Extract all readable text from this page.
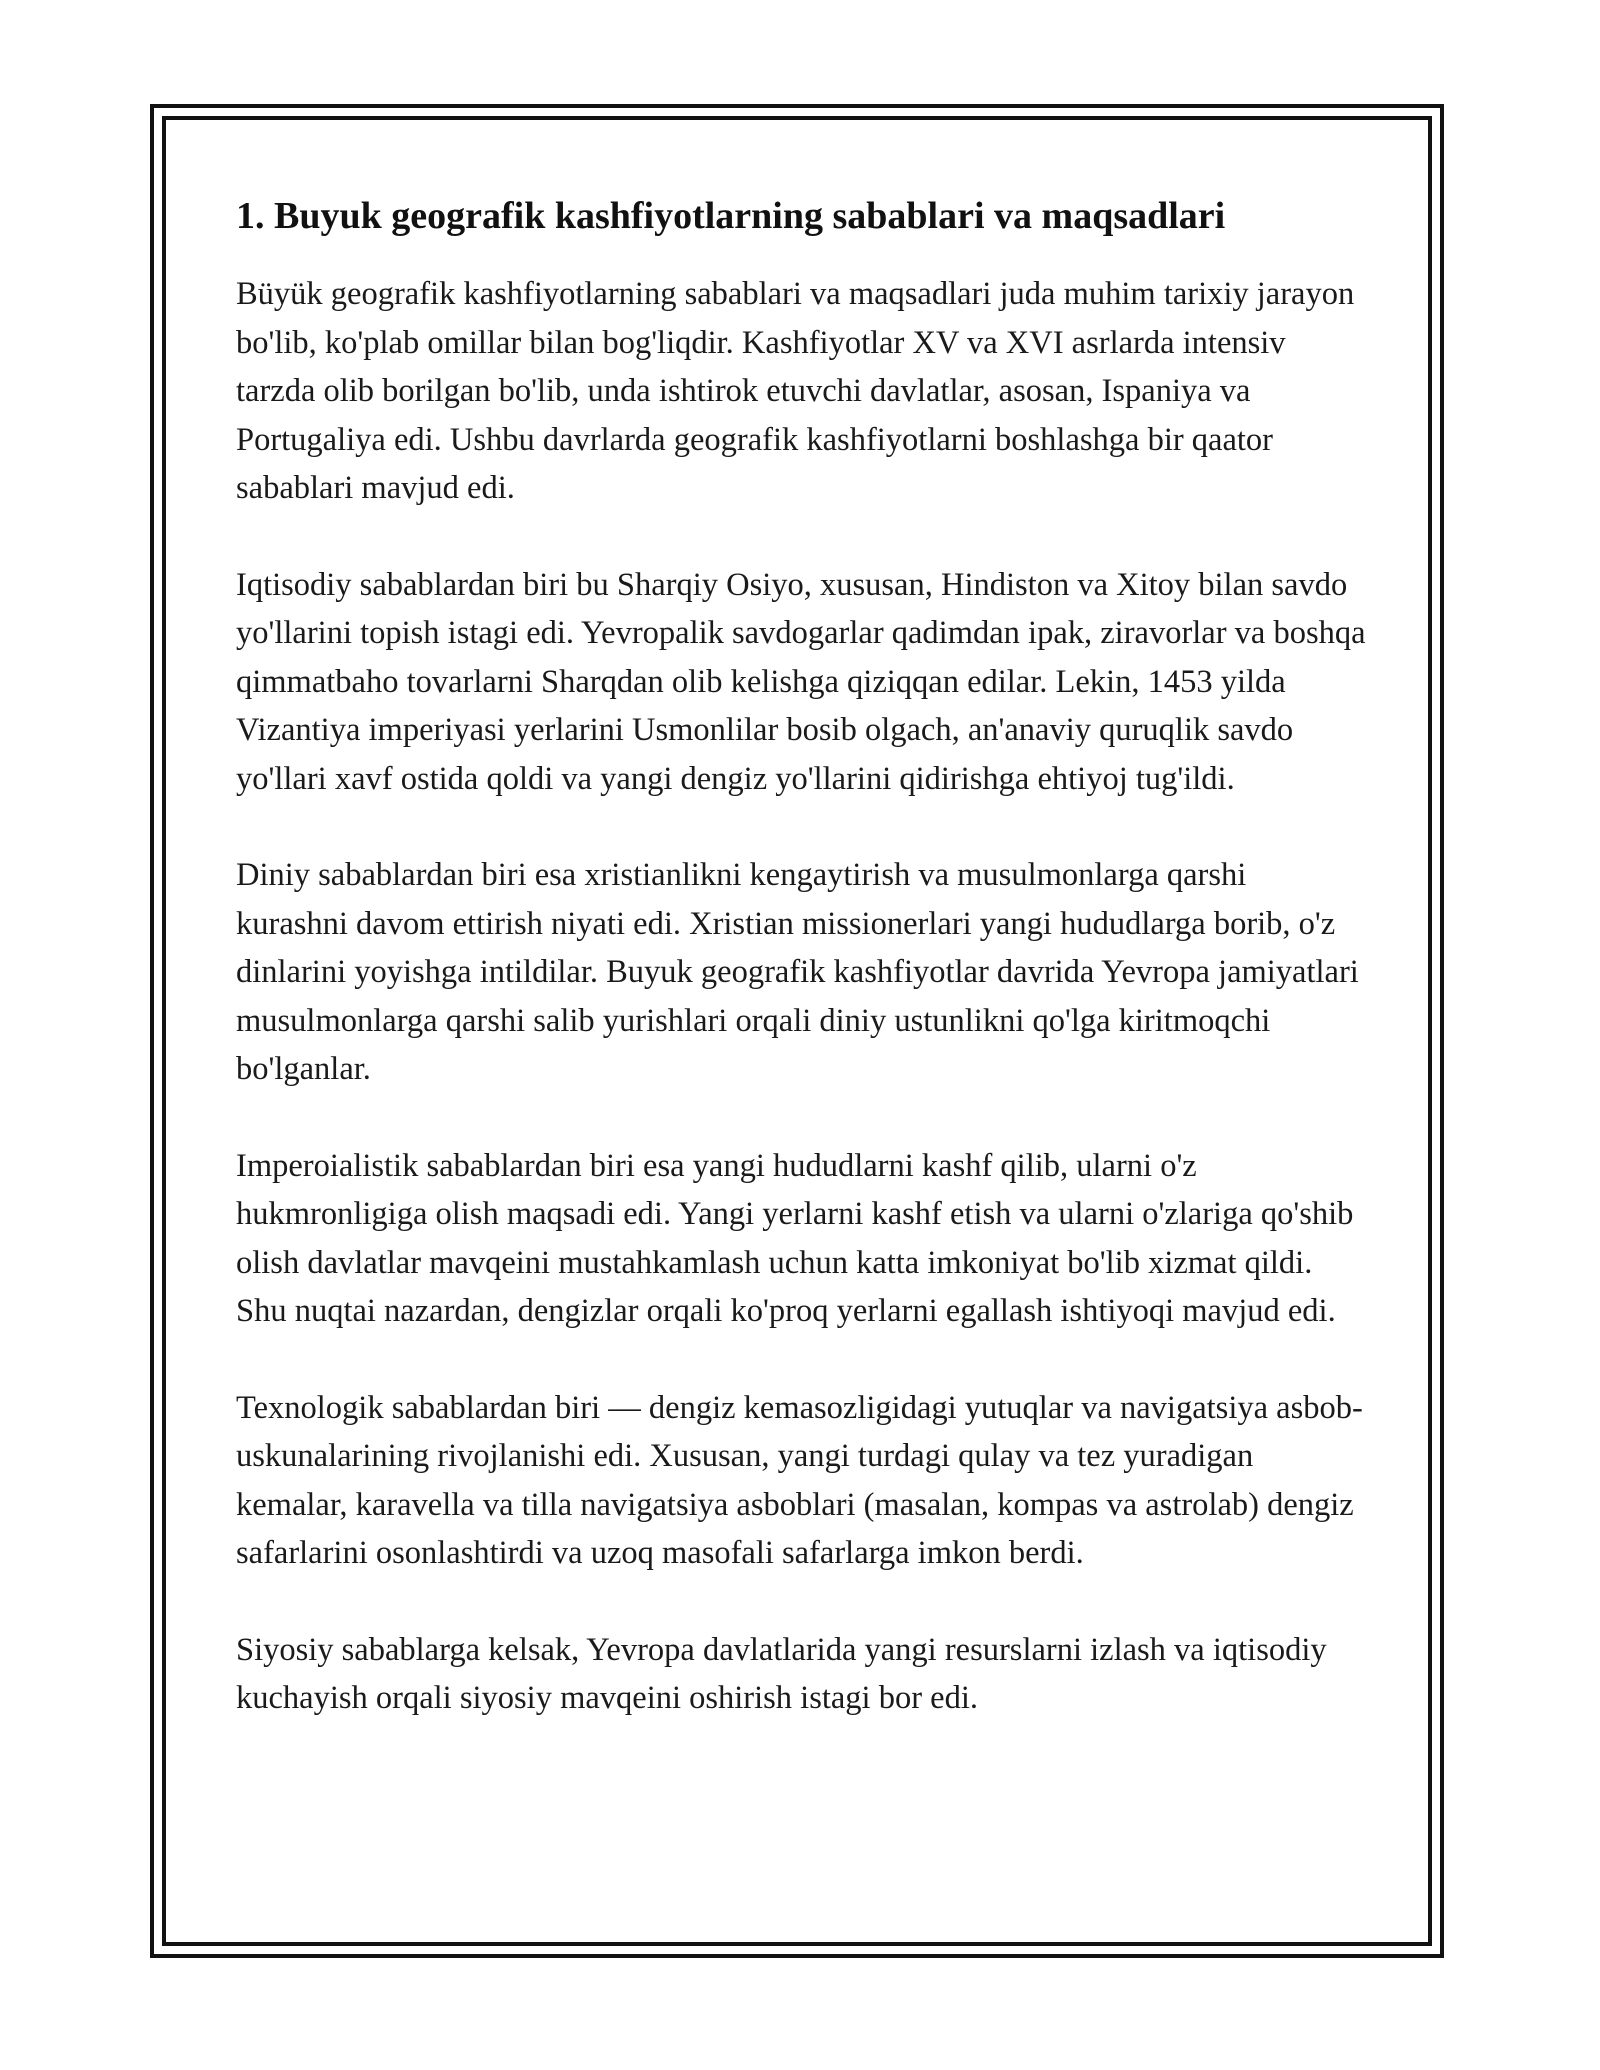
1. Buyuk geografik kashfiyotlarning sabablari va maqsadlari

Büyük geografik kashfiyotlarning sabablari va maqsadlari juda muhim tarixiy jarayon bo'lib, ko'plab omillar bilan bog'liqdir. Kashfiyotlar XV va XVI asrlarda intensiv tarzda olib borilgan bo'lib, unda ishtirok etuvchi davlatlar, asosan, Ispaniya va Portugaliya edi. Ushbu davrlarda geografik kashfiyotlarni boshlashga bir qaator sabablari mavjud edi.

Iqtisodiy sabablardan biri bu Sharqiy Osiyo, xususan, Hindiston va Xitoy bilan savdo yo'llarini topish istagi edi. Yevropalik savdogarlar qadimdan ipak, ziravorlar va boshqa qimmatbaho tovarlarni Sharqdan olib kelishga qiziqqan edilar. Lekin, 1453 yilda Vizantiya imperiyasi yerlarini Usmonlilar bosib olgach, an'anaviy quruqlik savdo yo'llari xavf ostida qoldi va yangi dengiz yo'llarini qidirishga ehtiyoj tug'ildi.

Diniy sabablardan biri esa xristianlikni kengaytirish va musulmonlarga qarshi kurashni davom ettirish niyati edi. Xristian missionerlari yangi hududlarga borib, o'z dinlarini yoyishga intildilar. Buyuk geografik kashfiyotlar davrida Yevropa jamiyatlari musulmonlarga qarshi salib yurishlari orqali diniy ustunlikni qo'lga kiritmoqchi bo'lganlar.

Imperoialistik sabablardan biri esa yangi hududlarni kashf qilib, ularni o'z hukmronligiga olish maqsadi edi. Yangi yerlarni kashf etish va ularni o'zlariga qo'shib olish davlatlar mavqeini mustahkamlash uchun katta imkoniyat bo'lib xizmat qildi. Shu nuqtai nazardan, dengizlar orqali ko'proq yerlarni egallash ishtiyoqi mavjud edi.

Texnologik sabablardan biri — dengiz kemasozligidagi yutuqlar va navigatsiya asbob-uskunalarining rivojlanishi edi. Xususan, yangi turdagi qulay va tez yuradigan kemalar, karavella va tilla navigatsiya asboblari (masalan, kompas va astrolab) dengiz safarlarini osonlashtirdi va uzoq masofali safarlarga imkon berdi.

Siyosiy sabablarga kelsak, Yevropa davlatlarida yangi resurslarni izlash va iqtisodiy kuchayish orqali siyosiy mavqeini oshirish istagi bor edi.
